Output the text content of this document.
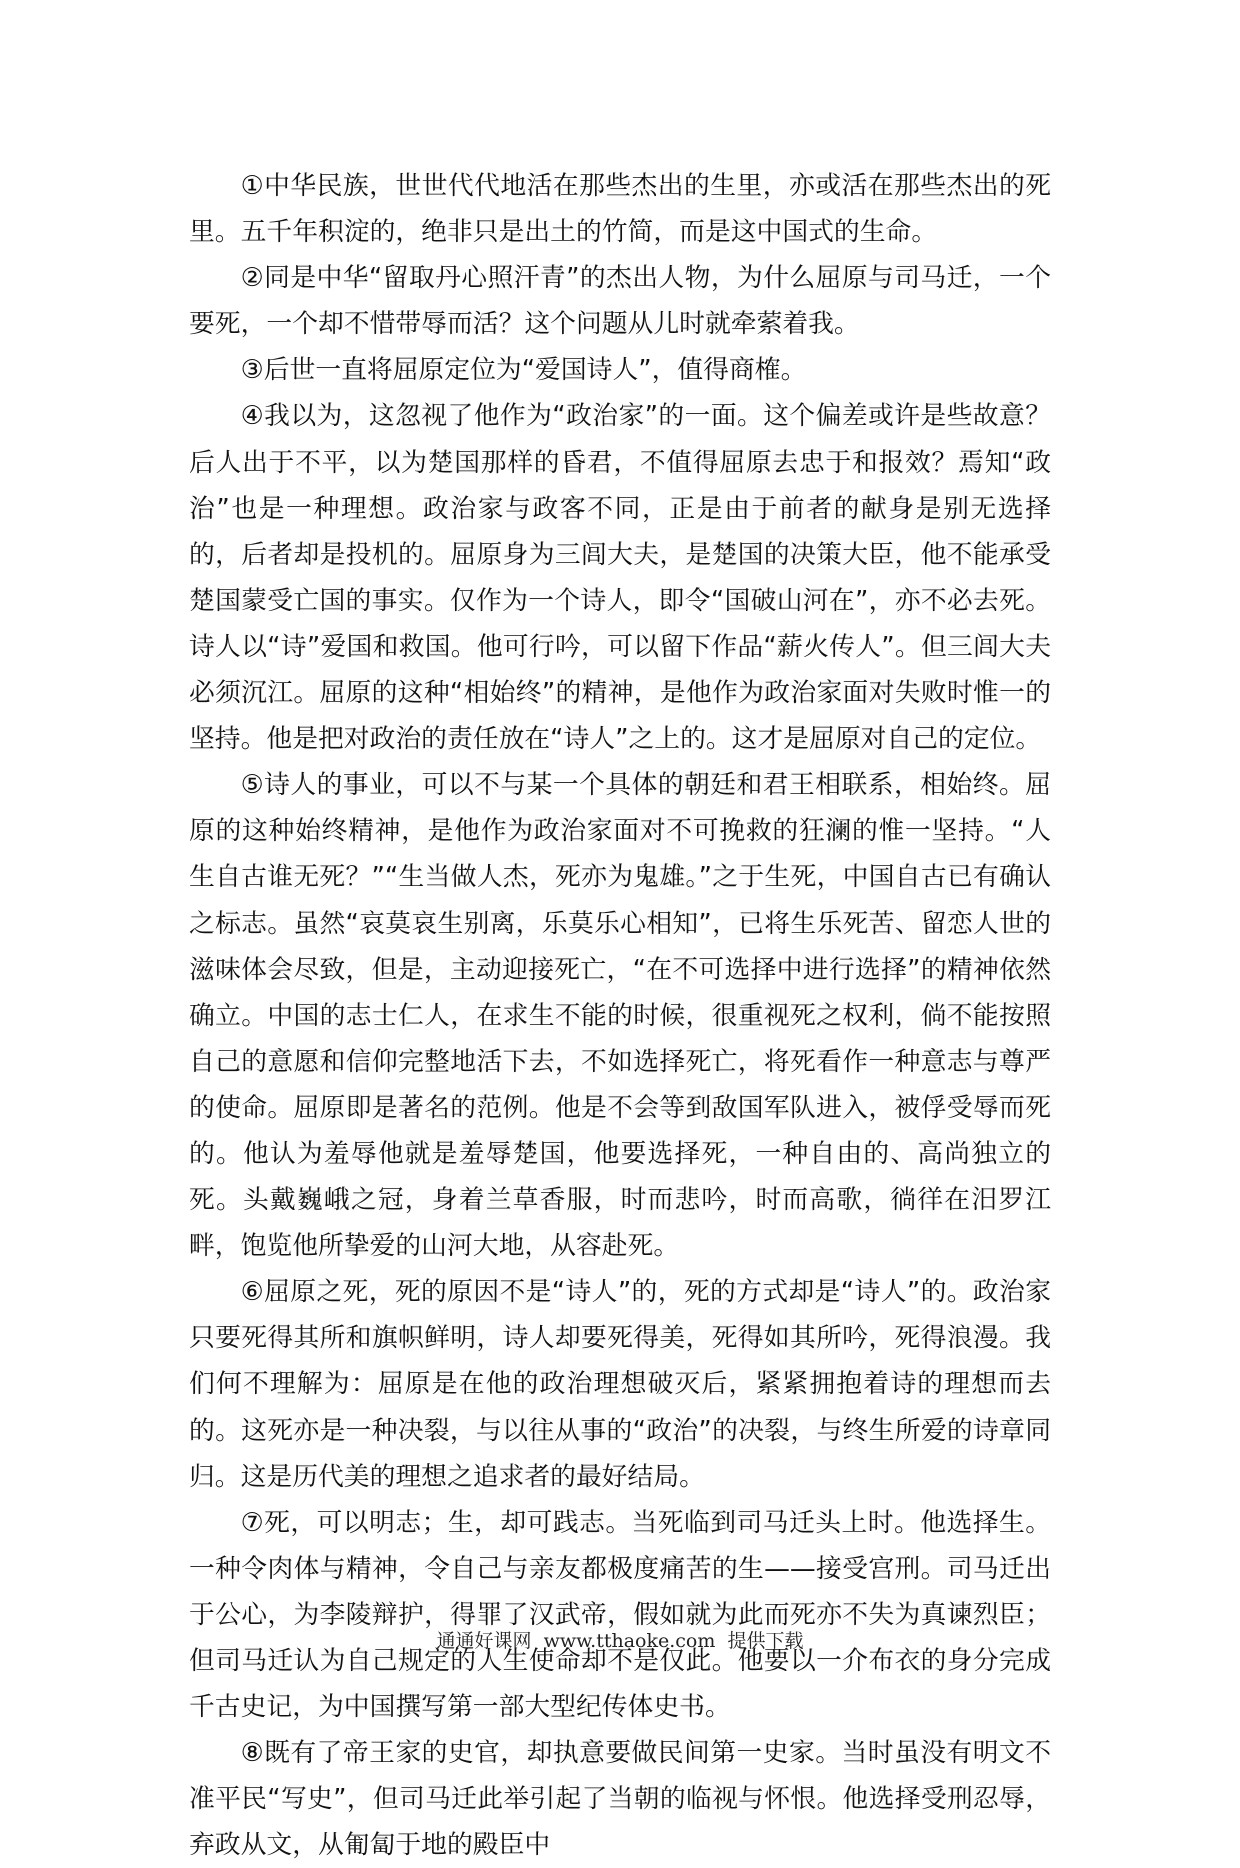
①中华民族，世世代代地活在那些杰出的生里，亦或活在那些杰出的死里。五千年积淀的，绝非只是出土的竹简，而是这中国式的生命。

②同是中华“留取丹心照汗青”的杰出人物，为什么屈原与司马迁，一个要死，一个却不惜带辱而活？这个问题从儿时就牵萦着我。

③后世一直将屈原定位为“爱国诗人”，值得商榷。

④我以为，这忽视了他作为“政治家”的一面。这个偏差或许是些故意？后人出于不平，以为楚国那样的昏君，不值得屈原去忠于和报效？焉知“政治”也是一种理想。政治家与政客不同，正是由于前者的献身是别无选择的，后者却是投机的。屈原身为三闾大夫，是楚国的决策大臣，他不能承受楚国蒙受亡国的事实。仅作为一个诗人，即令“国破山河在”，亦不必去死。诗人以“诗”爱国和救国。他可行吟，可以留下作品“薪火传人”。但三闾大夫必须沉江。屈原的这种“相始终”的精神，是他作为政治家面对失败时惟一的坚持。他是把对政治的责任放在“诗人”之上的。这才是屈原对自己的定位。

⑤诗人的事业，可以不与某一个具体的朝廷和君王相联系，相始终。屈原的这种始终精神，是他作为政治家面对不可挽救的狂澜的惟一坚持。“人生自古谁无死？”“生当做人杰，死亦为鬼雄。”之于生死，中国自古已有确认之标志。虽然“哀莫哀生别离，乐莫乐心相知”，已将生乐死苦、留恋人世的滋味体会尽致，但是，主动迎接死亡，“在不可选择中进行选择”的精神依然确立。中国的志士仁人，在求生不能的时候，很重视死之权利，倘不能按照自己的意愿和信仰完整地活下去，不如选择死亡，将死看作一种意志与尊严的使命。屈原即是著名的范例。他是不会等到敌国军队进入，被俘受辱而死的。他认为羞辱他就是羞辱楚国，他要选择死，一种自由的、高尚独立的死。头戴巍峨之冠，身着兰草香服，时而悲吟，时而高歌，徜徉在汨罗江畔，饱览他所挚爱的山河大地，从容赴死。

⑥屈原之死，死的原因不是“诗人”的，死的方式却是“诗人”的。政治家只要死得其所和旗帜鲜明，诗人却要死得美，死得如其所吟，死得浪漫。我们何不理解为：屈原是在他的政治理想破灭后，紧紧拥抱着诗的理想而去的。这死亦是一种决裂，与以往从事的“政治”的决裂，与终生所爱的诗章同归。这是历代美的理想之追求者的最好结局。

⑦死，可以明志；生，却可践志。当死临到司马迁头上时。他选择生。一种令肉体与精神，令自己与亲友都极度痛苦的生——接受宫刑。司马迁出于公心，为李陵辩护，得罪了汉武帝，假如就为此而死亦不失为真谏烈臣；但司马迁认为自己规定的人生使命却不是仅此。他要以一介布衣的身分完成千古史记，为中国撰写第一部大型纪传体史书。

⑧既有了帝王家的史官，却执意要做民间第一史家。当时虽没有明文不准平民“写史”，但司马迁此举引起了当朝的临视与怀恨。他选择受刑忍辱，弃政从文，从匍匐于地的殿臣中

通通好课网  www.tthaoke.com  提供下载
